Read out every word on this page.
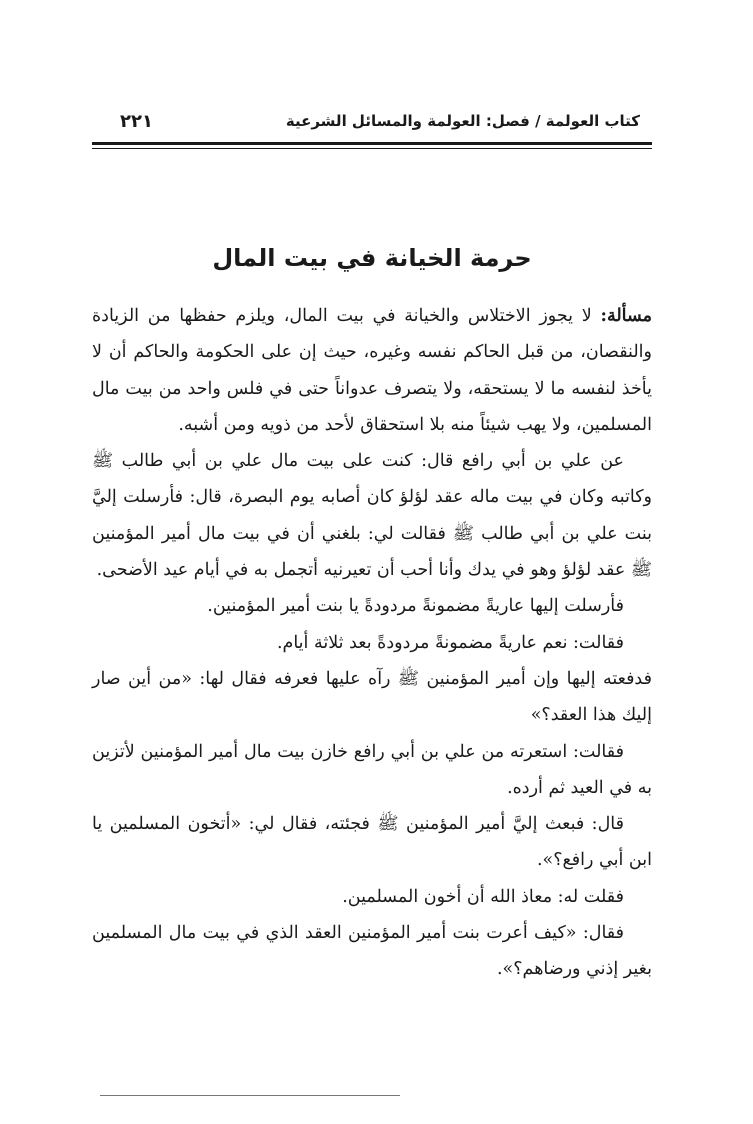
كتاب العولمة / فصل: العولمة والمسائل الشرعية
٢٢١
حرمة الخيانة في بيت المال

مسألة: لا يجوز الاختلاس والخيانة في بيت المال، ويلزم حفظها من الزيادة والنقصان، من قبل الحاكم نفسه وغيره، حيث إن على الحكومة والحاكم أن لا يأخذ لنفسه ما لا يستحقه، ولا يتصرف عدواناً حتى في فلس واحد من بيت مال المسلمين، ولا يهب شيئاً منه بلا استحقاق لأحد من ذويه ومن أشبه.

عن علي بن أبي رافع قال: كنت على بيت مال علي بن أبي طالب ﷺ وكاتبه وكان في بيت ماله عقد لؤلؤ كان أصابه يوم البصرة، قال: فأرسلت إليَّ بنت علي بن أبي طالب ﷺ فقالت لي: بلغني أن في بيت مال أمير المؤمنين ﷺ عقد لؤلؤ وهو في يدك وأنا أحب أن تعيرنيه أتجمل به في أيام عيد الأضحى.

فأرسلت إليها عاريةً مضمونةً مردودةً يا بنت أمير المؤمنين.

فقالت: نعم عاريةً مضمونةً مردودةً بعد ثلاثة أيام.

فدفعته إليها وإن أمير المؤمنين ﷺ رآه عليها فعرفه فقال لها: «من أين صار إليك هذا العقد؟»

فقالت: استعرته من علي بن أبي رافع خازن بيت مال أمير المؤمنين لأتزين به في العيد ثم أرده.

قال: فبعث إليَّ أمير المؤمنين ﷺ فجئته، فقال لي: «أتخون المسلمين يا ابن أبي رافع؟».

فقلت له: معاذ الله أن أخون المسلمين.

فقال: «كيف أعرت بنت أمير المؤمنين العقد الذي في بيت مال المسلمين بغير إذني ورضاهم؟».
